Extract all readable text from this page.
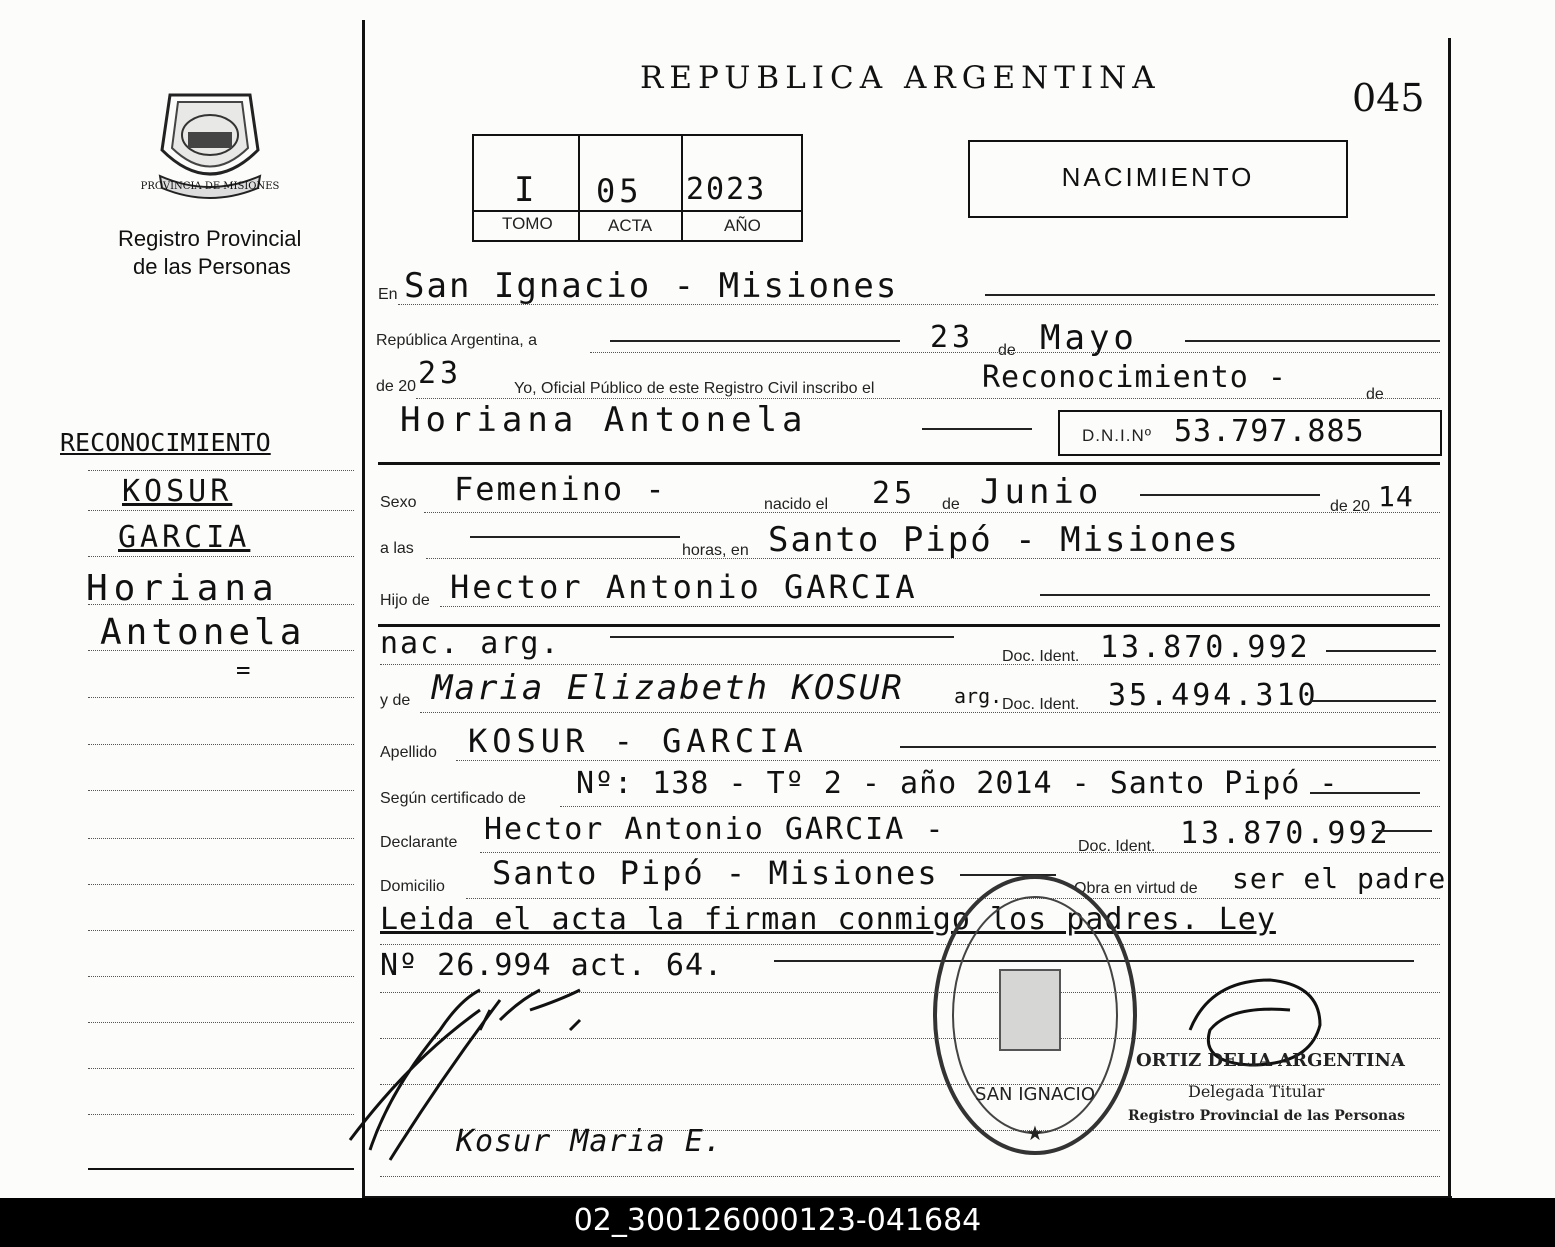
PROVINCIA DE MISIONES
Registro Provincial
de las Personas
REPUBLICA ARGENTINA	045
I 05 2023
TOMO	ACTA	AÑO
NACIMIENTO
RECONOCIMIENTO
KOSUR
GARCIA
Horiana
Antonela
=
En San Ignacio - Misiones
República Argentina, a	23 de Mayo
de 20 23	Yo, Oficial Público de este Registro Civil inscribo el	Reconocimiento -	de
Horiana Antonela	D.N.I.Nº 53.797.885
Sexo Femenino -	nacido el 25 de Junio	de 20 14
a las	horas, en Santo Pipó - Misiones
Hijo de Hector Antonio GARCIA
nac. arg.	Doc. Ident. 13.870.992
y de Maria Elizabeth KOSUR	arg. Doc. Ident. 35.494.310
Apellido KOSUR - GARCIA
Según certificado de Nº: 138 - Tº 2 - año 2014 - Santo Pipó -
Declarante Hector Antonio GARCIA -	Doc. Ident. 13.870.992
Domicilio Santo Pipó - Misiones	Obra en virtud de ser el padre
Leida el acta la firman conmigo los padres. Ley
Nº 26.994 act. 64.
Kosur Maria E.
SAN IGNACIO
★
ORTIZ DELIA ARGENTINA
Delegada Titular
Registro Provincial de las Personas
02_300126000123-041684
